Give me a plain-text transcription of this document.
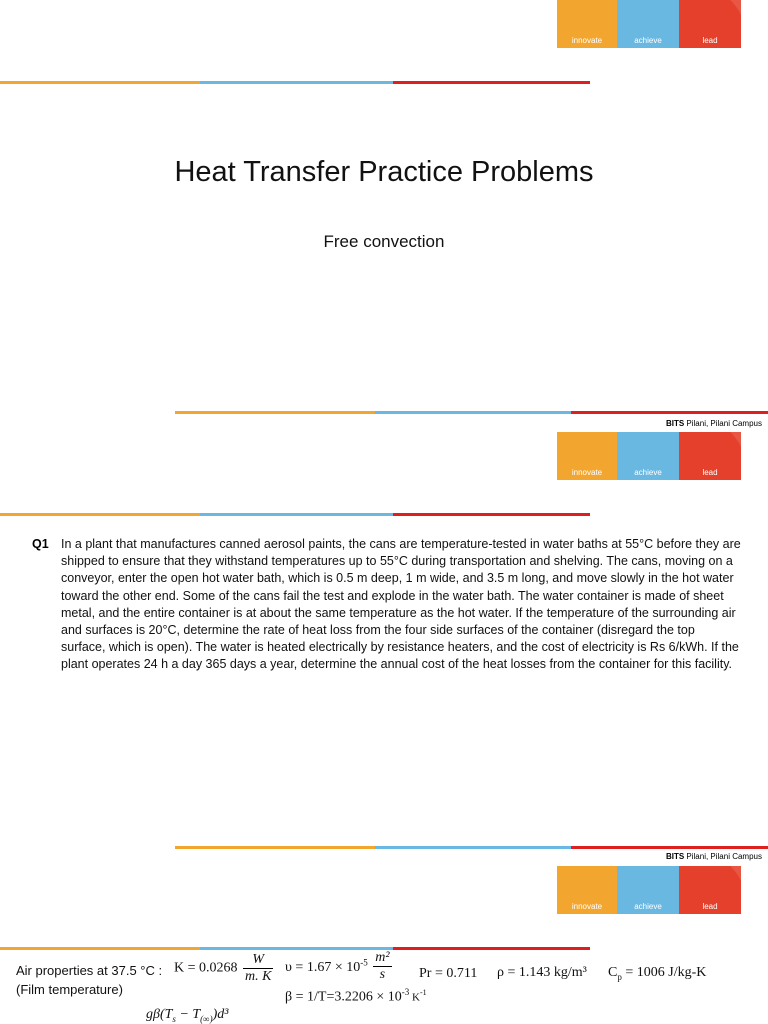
innovate	achieve	lead
Heat Transfer Practice Problems
Free convection
BITS Pilani, Pilani Campus
innovate	achieve	lead
Q1 In a plant that manufactures canned aerosol paints, the cans are temperature-tested in water baths at 55°C before they are shipped to ensure that they withstand temperatures up to 55°C during transportation and shelving. The cans, moving on a conveyor, enter the open hot water bath, which is 0.5 m deep, 1 m wide, and 3.5 m long, and move slowly in the hot water toward the other end. Some of the cans fail the test and explode in the water bath. The water container is made of sheet metal, and the entire container is at about the same temperature as the hot water. If the temperature of the surrounding air and surfaces is 20°C, determine the rate of heat loss from the four side surfaces of the container (disregard the top surface, which is open). The water is heated electrically by resistance heaters, and the cost of electricity is Rs 6/kWh. If the plant operates 24 h a day 365 days a year, determine the annual cost of the heat losses from the container for this facility.
BITS Pilani, Pilani Campus
innovate	achieve	lead
Air properties at 37.5 °C :
(Film temperature)
$K = 0.0268 \frac{W}{m. K}$ $\upsilon = 1.67 \times 10^{-5} \frac{\text{m²}}{s}$ Pr = 0.711 ρ = 1.143 kg/m³ $C_p = 1006$ J/kg-K
$\beta = 1/T=3.2206 \times 10^{-3}$ $K^{-1}$
$g\beta(T_s - T_{(\infty)})d^3$
